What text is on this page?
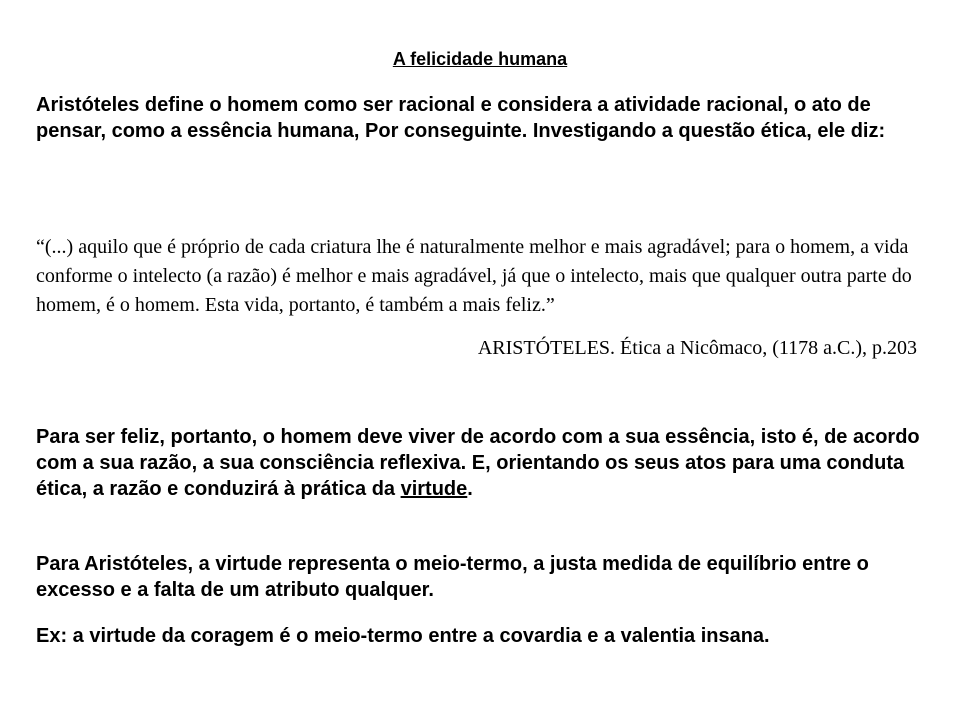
A felicidade humana

Aristóteles define o homem como ser racional e considera a atividade racional, o ato de pensar, como a essência humana, Por conseguinte. Investigando a questão ética, ele diz:

“(...) aquilo que é próprio de cada criatura lhe é naturalmente melhor e mais agradável; para o homem, a vida conforme o intelecto (a razão) é melhor e mais agradável, já que o intelecto, mais que qualquer outra parte do homem, é o homem. Esta vida, portanto, é também a mais feliz.”

ARISTÓTELES. Ética a Nicômaco, (1178 a.C.), p.203

Para ser feliz, portanto, o homem deve viver de acordo com a sua essência, isto é, de acordo com a sua razão, a sua consciência reflexiva. E, orientando os seus atos para uma conduta ética, a razão e conduzirá à prática da virtude.

Para Aristóteles, a virtude representa o meio-termo, a justa medida de equilíbrio entre o excesso e a falta de um atributo qualquer.

Ex: a virtude da coragem é o meio-termo entre a covardia e a valentia insana.
